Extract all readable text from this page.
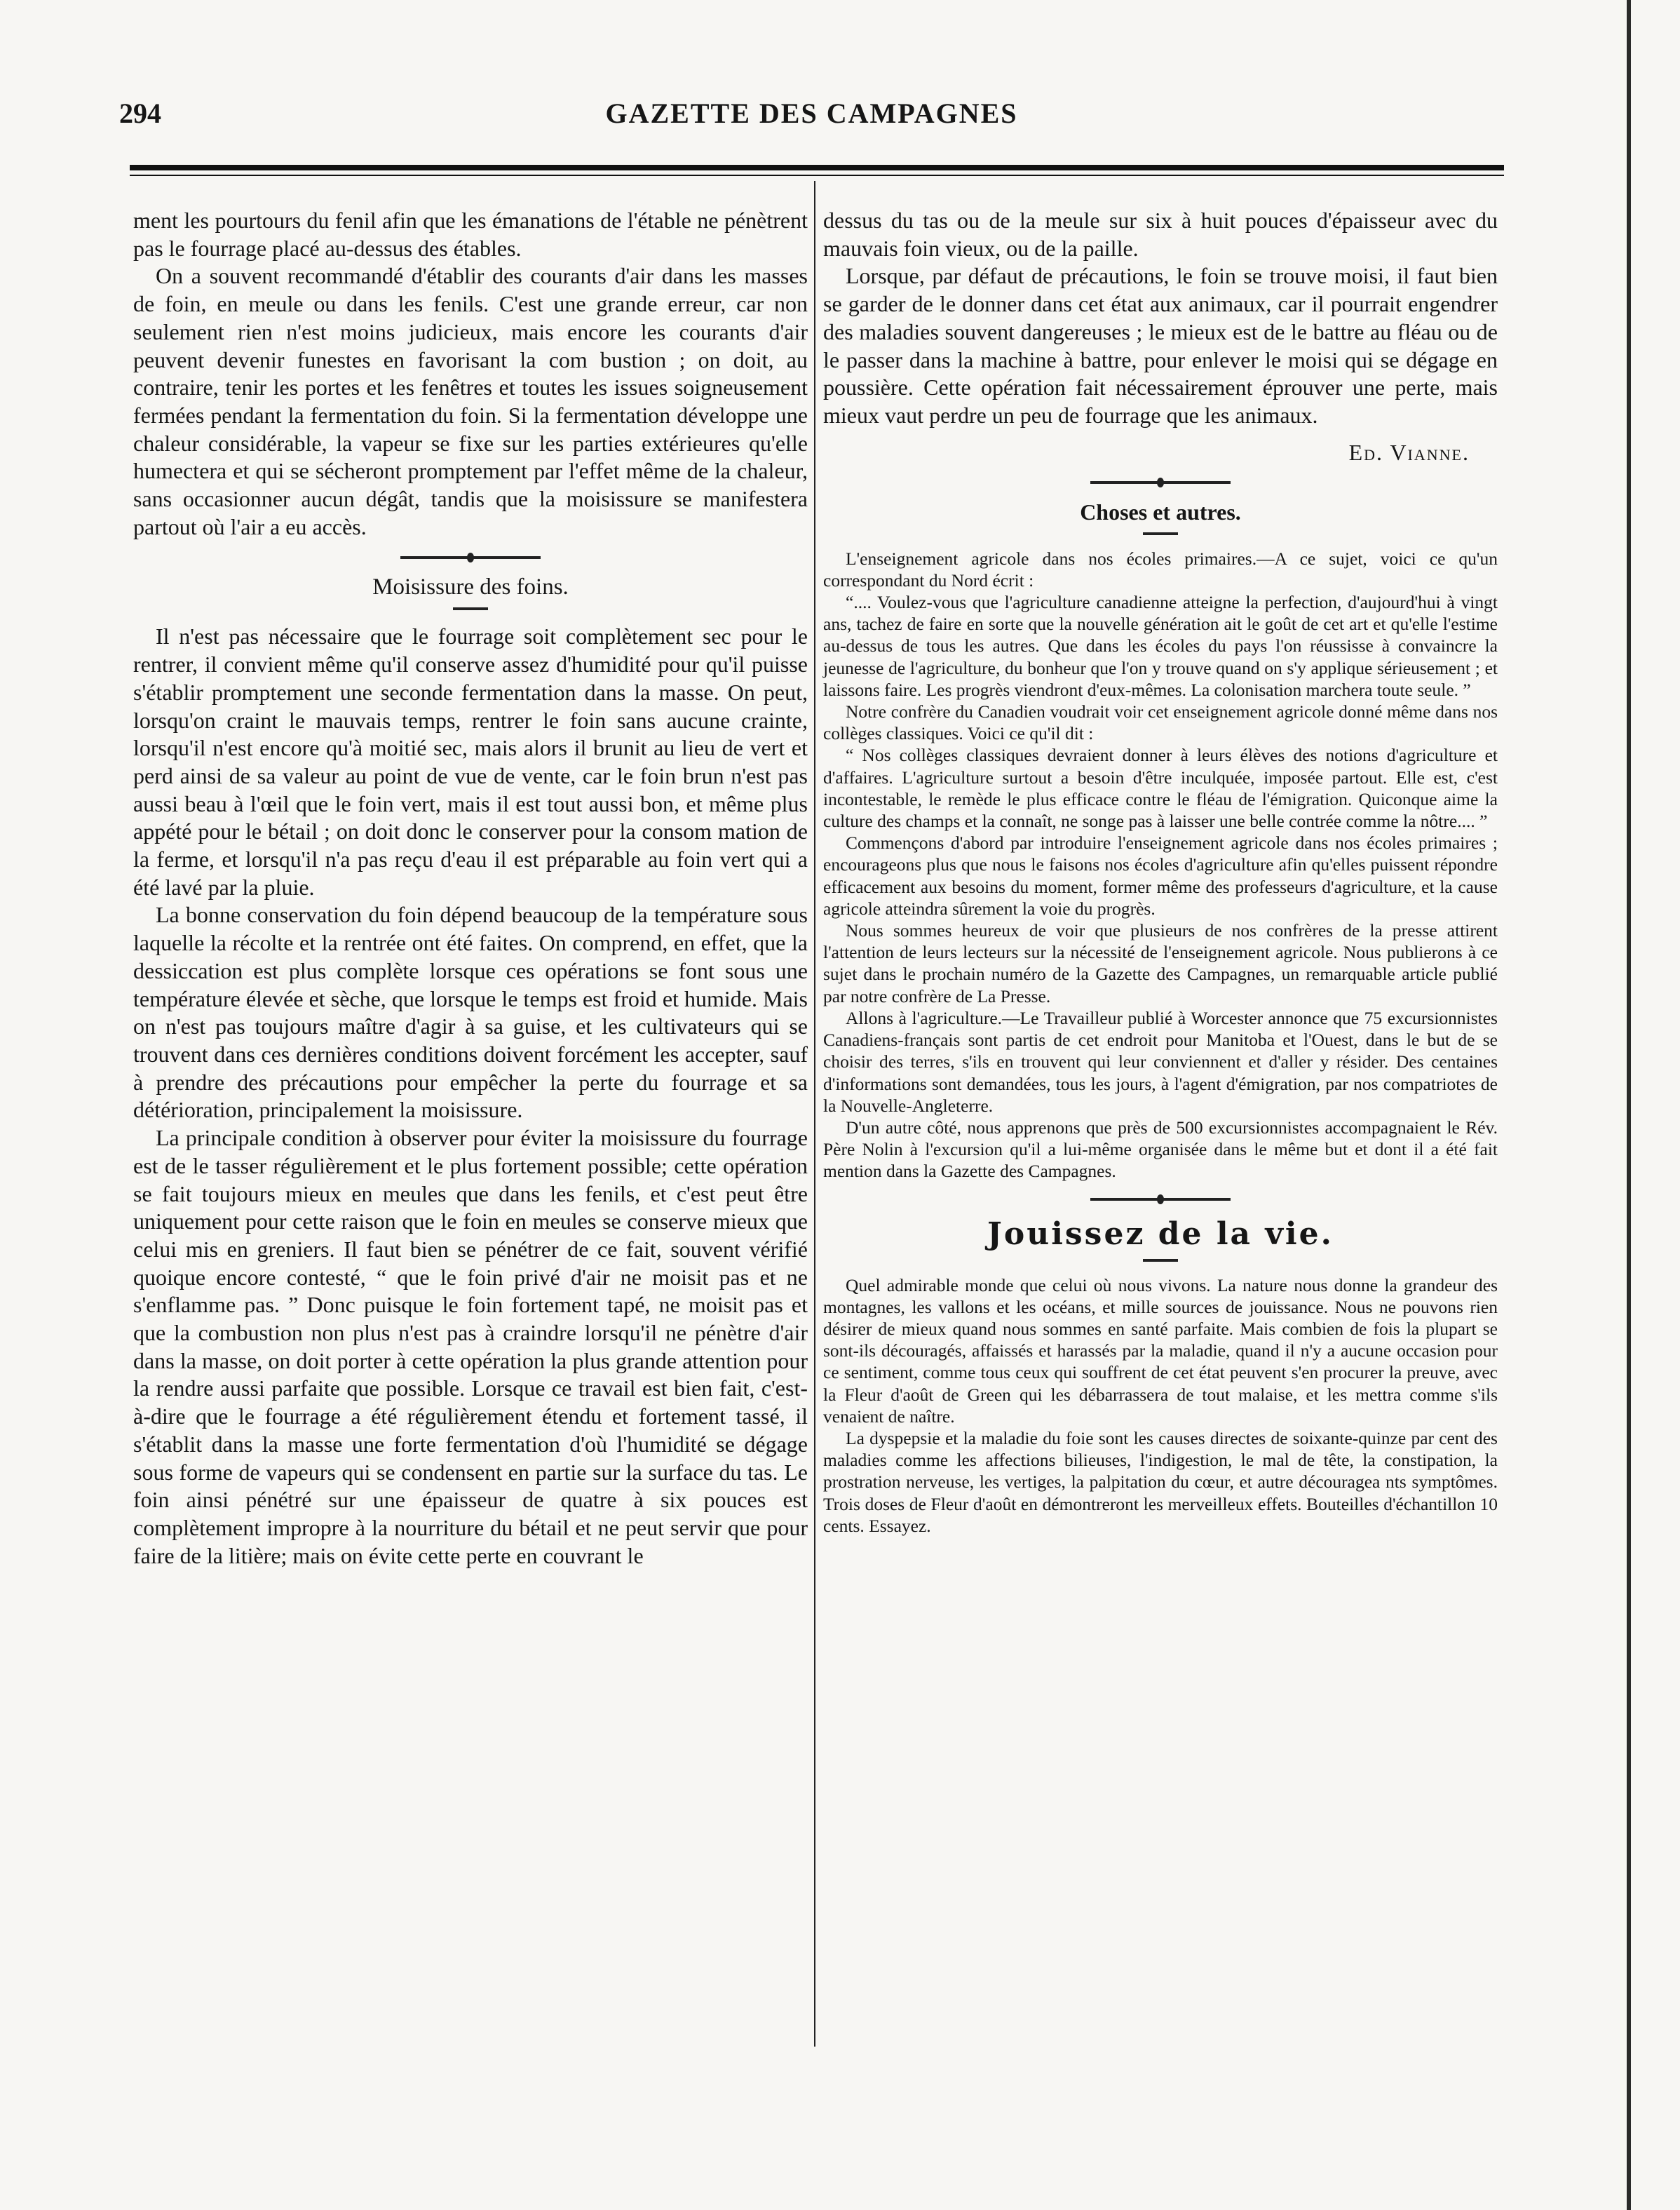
294	GAZETTE DES CAMPAGNES

ment les pourtours du fenil afin que les émanations de l'étable ne pénètrent pas le fourrage placé au-dessus des étables.

On a souvent recommandé d'établir des courants d'air dans les masses de foin, en meule ou dans les fenils. C'est une grande erreur, car non seulement rien n'est moins judicieux, mais encore les courants d'air peuvent devenir funestes en favorisant la com bustion ; on doit, au contraire, tenir les portes et les fenêtres et toutes les issues soigneusement fermées pendant la fermentation du foin. Si la fermentation développe une chaleur considérable, la vapeur se fixe sur les parties extérieures qu'elle humectera et qui se sécheront promptement par l'effet même de la chaleur, sans occasionner aucun dégât, tandis que la moisissure se manifestera partout où l'air a eu accès.

Moisissure des foins.

Il n'est pas nécessaire que le fourrage soit complètement sec pour le rentrer, il convient même qu'il conserve assez d'humidité pour qu'il puisse s'établir promptement une seconde fermentation dans la masse. On peut, lorsqu'on craint le mauvais temps, rentrer le foin sans aucune crainte, lorsqu'il n'est encore qu'à moitié sec, mais alors il brunit au lieu de vert et perd ainsi de sa valeur au point de vue de vente, car le foin brun n'est pas aussi beau à l'œil que le foin vert, mais il est tout aussi bon, et même plus appété pour le bétail ; on doit donc le conserver pour la consom mation de la ferme, et lorsqu'il n'a pas reçu d'eau il est préparable au foin vert qui a été lavé par la pluie.

La bonne conservation du foin dépend beaucoup de la température sous laquelle la récolte et la rentrée ont été faites. On comprend, en effet, que la dessiccation est plus complète lorsque ces opérations se font sous une température élevée et sèche, que lorsque le temps est froid et humide. Mais on n'est pas toujours maître d'agir à sa guise, et les cultivateurs qui se trouvent dans ces dernières conditions doivent forcément les accepter, sauf à prendre des précautions pour empêcher la perte du fourrage et sa détérioration, principalement la moisissure.

La principale condition à observer pour éviter la moisissure du fourrage est de le tasser régulièrement et le plus fortement possible; cette opération se fait toujours mieux en meules que dans les fenils, et c'est peut être uniquement pour cette raison que le foin en meules se conserve mieux que celui mis en greniers. Il faut bien se pénétrer de ce fait, souvent vérifié quoique encore contesté, “ que le foin privé d'air ne moisit pas et ne s'enflamme pas. ” Donc puisque le foin fortement tapé, ne moisit pas et que la combustion non plus n'est pas à craindre lorsqu'il ne pénètre d'air dans la masse, on doit porter à cette opération la plus grande attention pour la rendre aussi parfaite que possible. Lorsque ce travail est bien fait, c'est-à-dire que le fourrage a été régulièrement étendu et fortement tassé, il s'établit dans la masse une forte fermentation d'où l'humidité se dégage sous forme de vapeurs qui se condensent en partie sur la surface du tas. Le foin ainsi pénétré sur une épaisseur de quatre à six pouces est complètement impropre à la nourriture du bétail et ne peut servir que pour faire de la litière; mais on évite cette perte en couvrant le

dessus du tas ou de la meule sur six à huit pouces d'épaisseur avec du mauvais foin vieux, ou de la paille.

Lorsque, par défaut de précautions, le foin se trouve moisi, il faut bien se garder de le donner dans cet état aux animaux, car il pourrait engendrer des maladies souvent dangereuses ; le mieux est de le battre au fléau ou de le passer dans la machine à battre, pour enlever le moisi qui se dégage en poussière. Cette opération fait nécessairement éprouver une perte, mais mieux vaut perdre un peu de fourrage que les animaux.

Ed. Vianne.
Choses et autres.

L'enseignement agricole dans nos écoles primaires.—A ce sujet, voici ce qu'un correspondant du Nord écrit :

“.... Voulez-vous que l'agriculture canadienne atteigne la perfection, d'aujourd'hui à vingt ans, tachez de faire en sorte que la nouvelle génération ait le goût de cet art et qu'elle l'estime au-dessus de tous les autres. Que dans les écoles du pays l'on réussisse à convaincre la jeunesse de l'agriculture, du bonheur que l'on y trouve quand on s'y applique sérieusement ; et laissons faire. Les progrès viendront d'eux-mêmes. La colonisation marchera toute seule. ”

Notre confrère du Canadien voudrait voir cet enseignement agricole donné même dans nos collèges classiques. Voici ce qu'il dit :

“ Nos collèges classiques devraient donner à leurs élèves des notions d'agriculture et d'affaires. L'agriculture surtout a besoin d'être inculquée, imposée partout. Elle est, c'est incontestable, le remède le plus efficace contre le fléau de l'émigration. Quiconque aime la culture des champs et la connaît, ne songe pas à laisser une belle contrée comme la nôtre.... ”

Commençons d'abord par introduire l'enseignement agricole dans nos écoles primaires ; encourageons plus que nous le faisons nos écoles d'agriculture afin qu'elles puissent répondre efficacement aux besoins du moment, former même des professeurs d'agriculture, et la cause agricole atteindra sûrement la voie du progrès.

Nous sommes heureux de voir que plusieurs de nos confrères de la presse attirent l'attention de leurs lecteurs sur la nécessité de l'enseignement agricole. Nous publierons à ce sujet dans le prochain numéro de la Gazette des Campagnes, un remarquable article publié par notre confrère de La Presse.

Allons à l'agriculture.—Le Travailleur publié à Worcester annonce que 75 excursionnistes Canadiens-français sont partis de cet endroit pour Manitoba et l'Ouest, dans le but de se choisir des terres, s'ils en trouvent qui leur conviennent et d'aller y résider. Des centaines d'informations sont demandées, tous les jours, à l'agent d'émigration, par nos compatriotes de la Nouvelle-Angleterre.

D'un autre côté, nous apprenons que près de 500 excursionnistes accompagnaient le Rév. Père Nolin à l'excursion qu'il a lui-même organisée dans le même but et dont il a été fait mention dans la Gazette des Campagnes.

Jouissez de la vie.

Quel admirable monde que celui où nous vivons. La nature nous donne la grandeur des montagnes, les vallons et les océans, et mille sources de jouissance. Nous ne pouvons rien désirer de mieux quand nous sommes en santé parfaite. Mais combien de fois la plupart se sont-ils découragés, affaissés et harassés par la maladie, quand il n'y a aucune occasion pour ce sentiment, comme tous ceux qui souffrent de cet état peuvent s'en procurer la preuve, avec la Fleur d'août de Green qui les débarrassera de tout malaise, et les mettra comme s'ils venaient de naître.

La dyspepsie et la maladie du foie sont les causes directes de soixante-quinze par cent des maladies comme les affections bilieuses, l'indigestion, le mal de tête, la constipation, la prostration nerveuse, les vertiges, la palpitation du cœur, et autre découragea nts symptômes. Trois doses de Fleur d'août en démontreront les merveilleux effets. Bouteilles d'échantillon 10 cents. Essayez.
